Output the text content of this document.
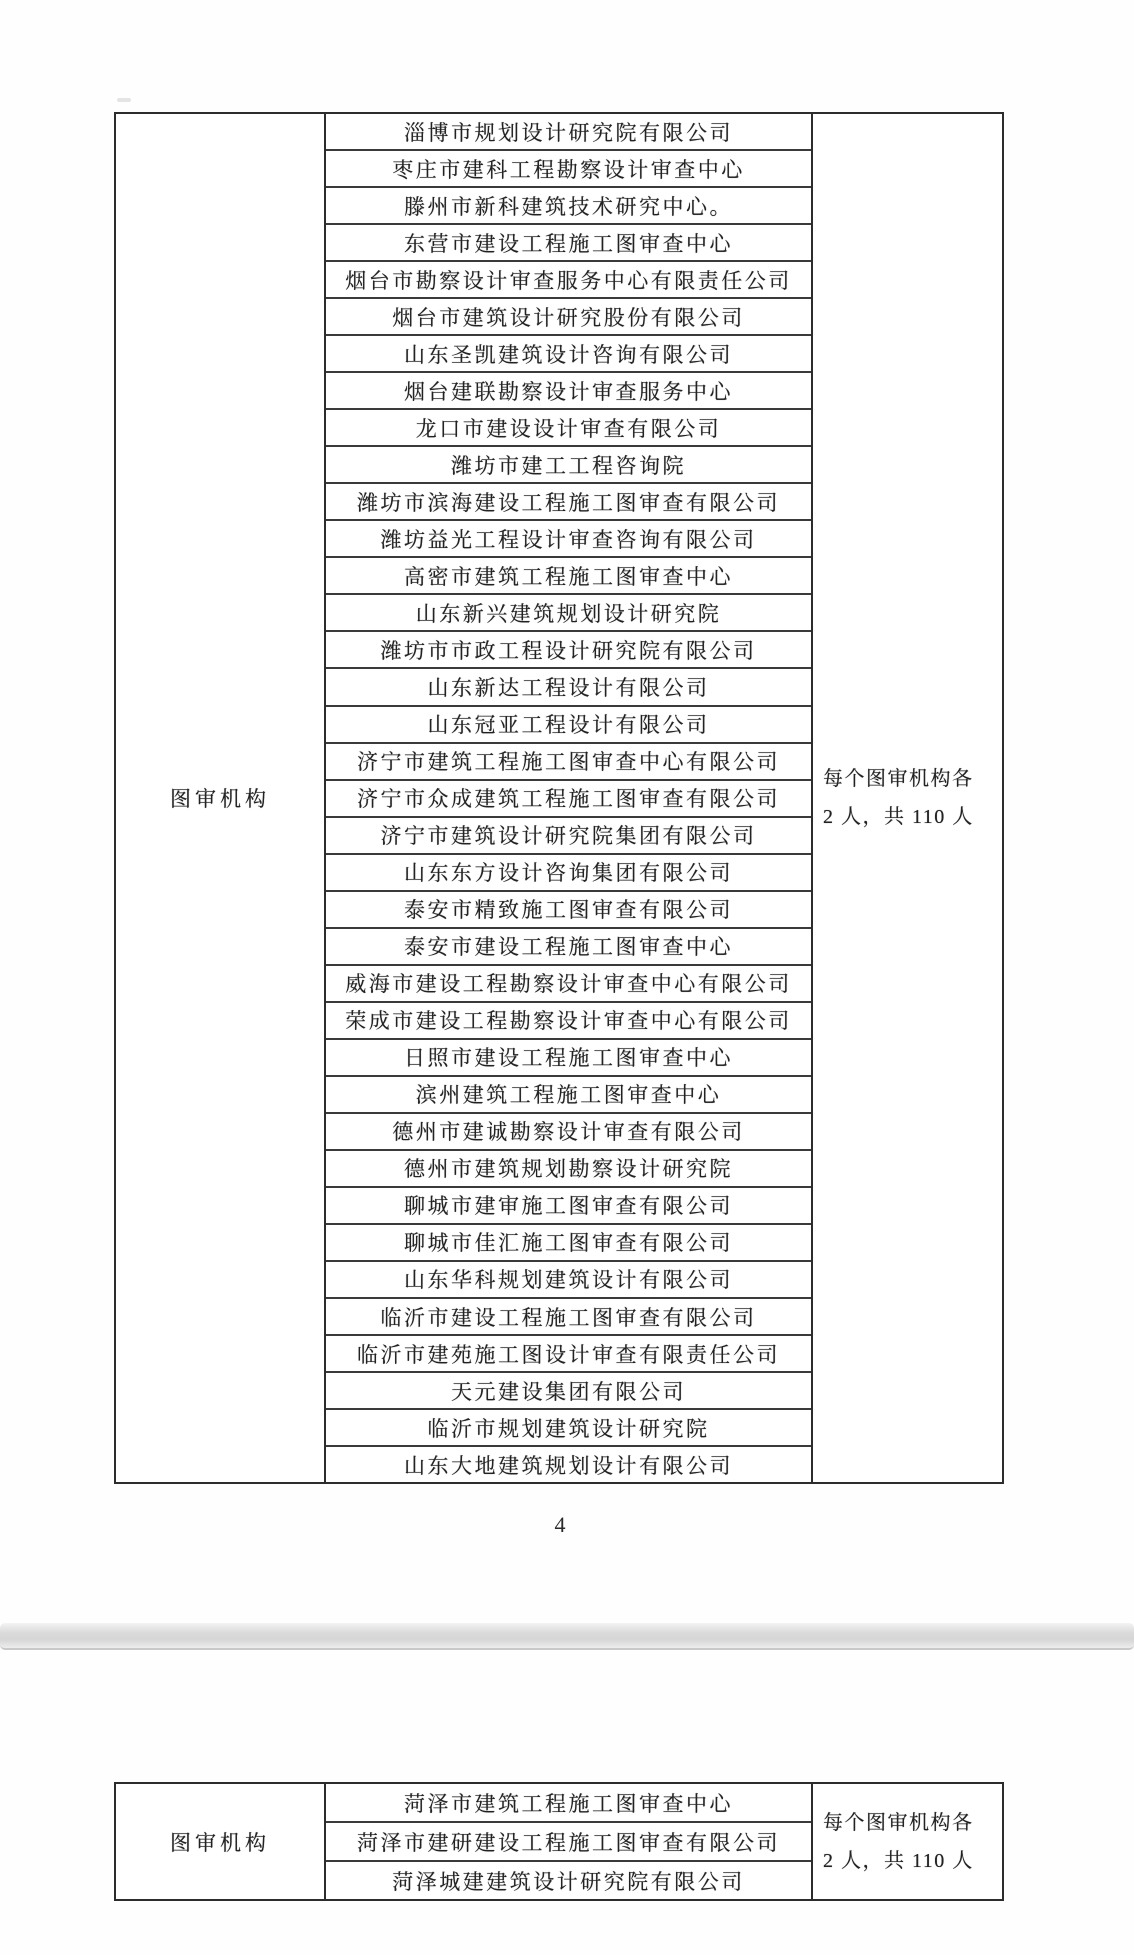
图审机构
淄博市规划设计研究院有限公司
枣庄市建科工程勘察设计审查中心
滕州市新科建筑技术研究中心。
东营市建设工程施工图审查中心
烟台市勘察设计审查服务中心有限责任公司
烟台市建筑设计研究股份有限公司
山东圣凯建筑设计咨询有限公司
烟台建联勘察设计审查服务中心
龙口市建设设计审查有限公司
潍坊市建工工程咨询院
潍坊市滨海建设工程施工图审查有限公司
潍坊益光工程设计审查咨询有限公司
高密市建筑工程施工图审查中心
山东新兴建筑规划设计研究院
潍坊市市政工程设计研究院有限公司
山东新达工程设计有限公司
山东冠亚工程设计有限公司
济宁市建筑工程施工图审查中心有限公司
济宁市众成建筑工程施工图审查有限公司
济宁市建筑设计研究院集团有限公司
山东东方设计咨询集团有限公司
泰安市精致施工图审查有限公司
泰安市建设工程施工图审查中心
威海市建设工程勘察设计审查中心有限公司
荣成市建设工程勘察设计审查中心有限公司
日照市建设工程施工图审查中心
滨州建筑工程施工图审查中心
德州市建诚勘察设计审查有限公司
德州市建筑规划勘察设计研究院
聊城市建审施工图审查有限公司
聊城市佳汇施工图审查有限公司
山东华科规划建筑设计有限公司
临沂市建设工程施工图审查有限公司
临沂市建苑施工图设计审查有限责任公司
天元建设集团有限公司
临沂市规划建筑设计研究院
山东大地建筑规划设计有限公司
每个图审机构各
2 人，共 110 人
4
图审机构
菏泽市建筑工程施工图审查中心
菏泽市建研建设工程施工图审查有限公司
菏泽城建建筑设计研究院有限公司
每个图审机构各
2 人，共 110 人
